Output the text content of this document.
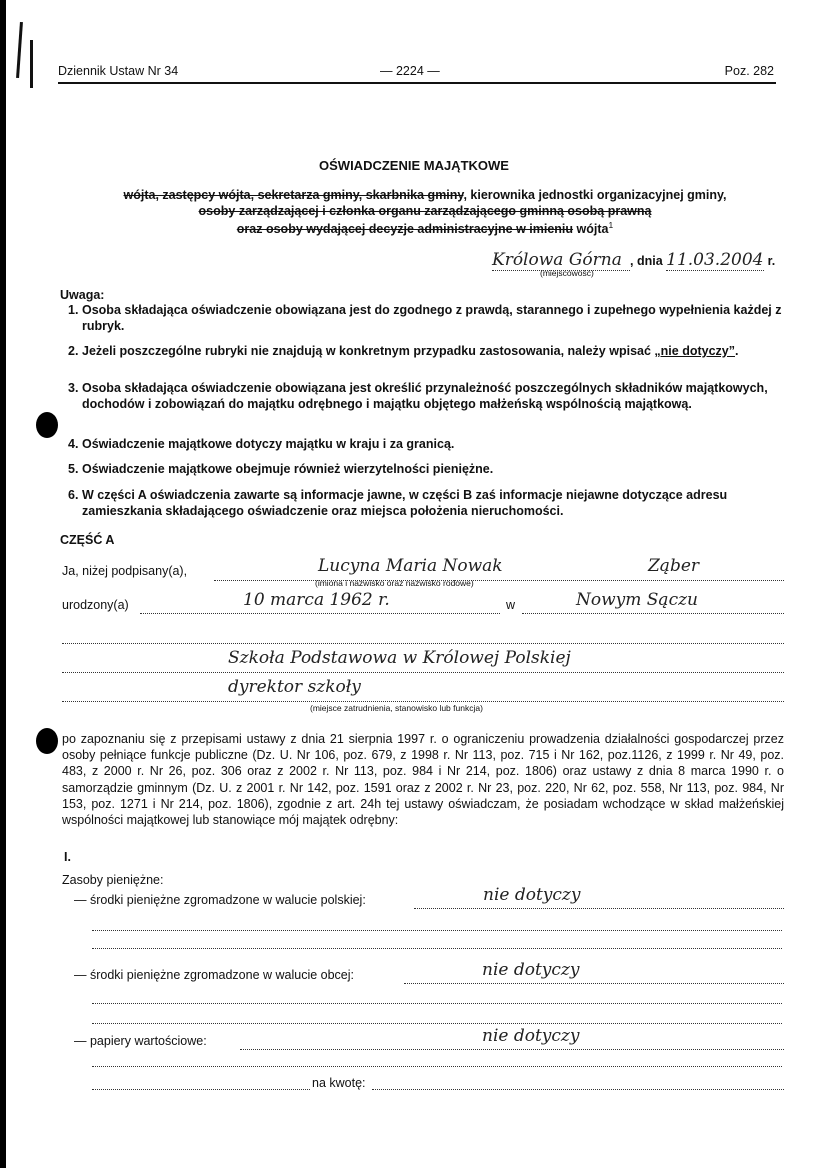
Dziennik Ustaw Nr 34	— 2224 —	Poz. 282
OŚWIADCZENIE MAJĄTKOWE
wójta, zastępcy wójta, sekretarza gminy, skarbnika gminy, kierownika jednostki organizacyjnej gminy,
osoby zarządzającej i członka organu zarządzającego gminną osobą prawną
oraz osoby wydającej decyzje administracyjne w imieniu wójta$^1$
Królowa Górna , dnia 11.03.2004 r.
(miejscowość)
Uwaga:
1. Osoba składająca oświadczenie obowiązana jest do zgodnego z prawdą, starannego i zupełnego wypełnienia każdej z rubryk.
2. Jeżeli poszczególne rubryki nie znajdują w konkretnym przypadku zastosowania, należy wpisać „nie dotyczy”.
3. Osoba składająca oświadczenie obowiązana jest określić przynależność poszczególnych składników majątkowych, dochodów i zobowiązań do majątku odrębnego i majątku objętego małżeńską wspólnością majątkową.
4. Oświadczenie majątkowe dotyczy majątku w kraju i za granicą.
5. Oświadczenie majątkowe obejmuje również wierzytelności pieniężne.
6. W części A oświadczenia zawarte są informacje jawne, w części B zaś informacje niejawne dotyczące adresu zamieszkania składającego oświadczenie oraz miejsca położenia nieruchomości.
CZĘŚĆ A
Ja, niżej podpisany(a),	Lucyna Maria Nowak	Ząber
(imiona i nazwisko oraz nazwisko rodowe)
urodzony(a)	10 marca 1962 r.	w	Nowym Sączu
Szkoła Podstawowa w Królowej Polskiej
dyrektor szkoły
(miejsce zatrudnienia, stanowisko lub funkcja)
po zapoznaniu się z przepisami ustawy z dnia 21 sierpnia 1997 r. o ograniczeniu prowadzenia działalności gospodarczej przez osoby pełniące funkcje publiczne (Dz. U. Nr 106, poz. 679, z 1998 r. Nr 113, poz. 715 i Nr 162, poz.1126, z 1999 r. Nr 49, poz. 483, z 2000 r. Nr 26, poz. 306 oraz z 2002 r. Nr 113, poz. 984 i Nr 214, poz. 1806) oraz ustawy z dnia 8 marca 1990 r. o samorządzie gminnym (Dz. U. z 2001 r. Nr 142, poz. 1591 oraz z 2002 r. Nr 23, poz. 220, Nr 62, poz. 558, Nr 113, poz. 984, Nr 153, poz. 1271 i Nr 214, poz. 1806), zgodnie z art. 24h tej ustawy oświadczam, że posiadam wchodzące w skład małżeńskiej wspólności majątkowej lub stanowiące mój majątek odrębny:
I.
Zasoby pieniężne:
— środki pieniężne zgromadzone w walucie polskiej:	nie dotyczy
— środki pieniężne zgromadzone w walucie obcej:	nie dotyczy
— papiery wartościowe:	nie dotyczy
na kwotę:
